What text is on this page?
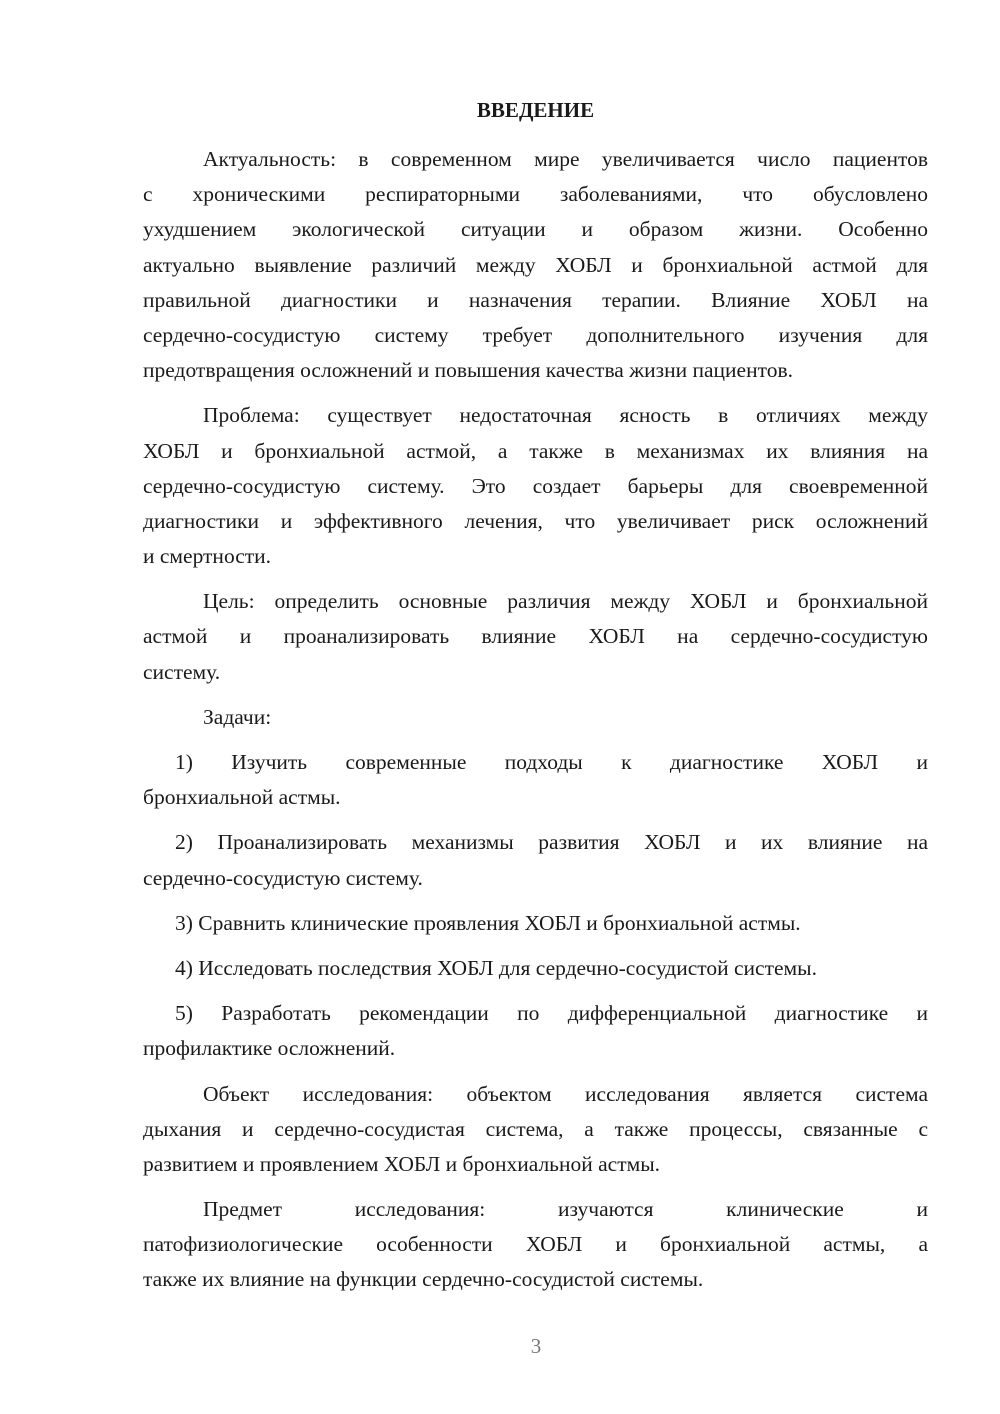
ВВЕДЕНИЕ
Актуальность: в современном мире увеличивается число пациентов
с хроническими респираторными заболеваниями, что обусловлено
ухудшением экологической ситуации и образом жизни. Особенно
актуально выявление различий между ХОБЛ и бронхиальной астмой для
правильной диагностики и назначения терапии. Влияние ХОБЛ на
сердечно-сосудистую систему требует дополнительного изучения для
предотвращения осложнений и повышения качества жизни пациентов.
Проблема: существует недостаточная ясность в отличиях между
ХОБЛ и бронхиальной астмой, а также в механизмах их влияния на
сердечно-сосудистую систему. Это создает барьеры для своевременной
диагностики и эффективного лечения, что увеличивает риск осложнений
и смертности.
Цель: определить основные различия между ХОБЛ и бронхиальной
астмой и проанализировать влияние ХОБЛ на сердечно-сосудистую
систему.
Задачи:
1) Изучить современные подходы к диагностике ХОБЛ и
бронхиальной астмы.
2) Проанализировать механизмы развития ХОБЛ и их влияние на
сердечно-сосудистую систему.
3) Сравнить клинические проявления ХОБЛ и бронхиальной астмы.
4) Исследовать последствия ХОБЛ для сердечно-сосудистой системы.
5) Разработать рекомендации по дифференциальной диагностике и
профилактике осложнений.
Объект исследования: объектом исследования является система
дыхания и сердечно-сосудистая система, а также процессы, связанные с
развитием и проявлением ХОБЛ и бронхиальной астмы.
Предмет исследования: изучаются клинические и
патофизиологические особенности ХОБЛ и бронхиальной астмы, а
также их влияние на функции сердечно-сосудистой системы.
3
